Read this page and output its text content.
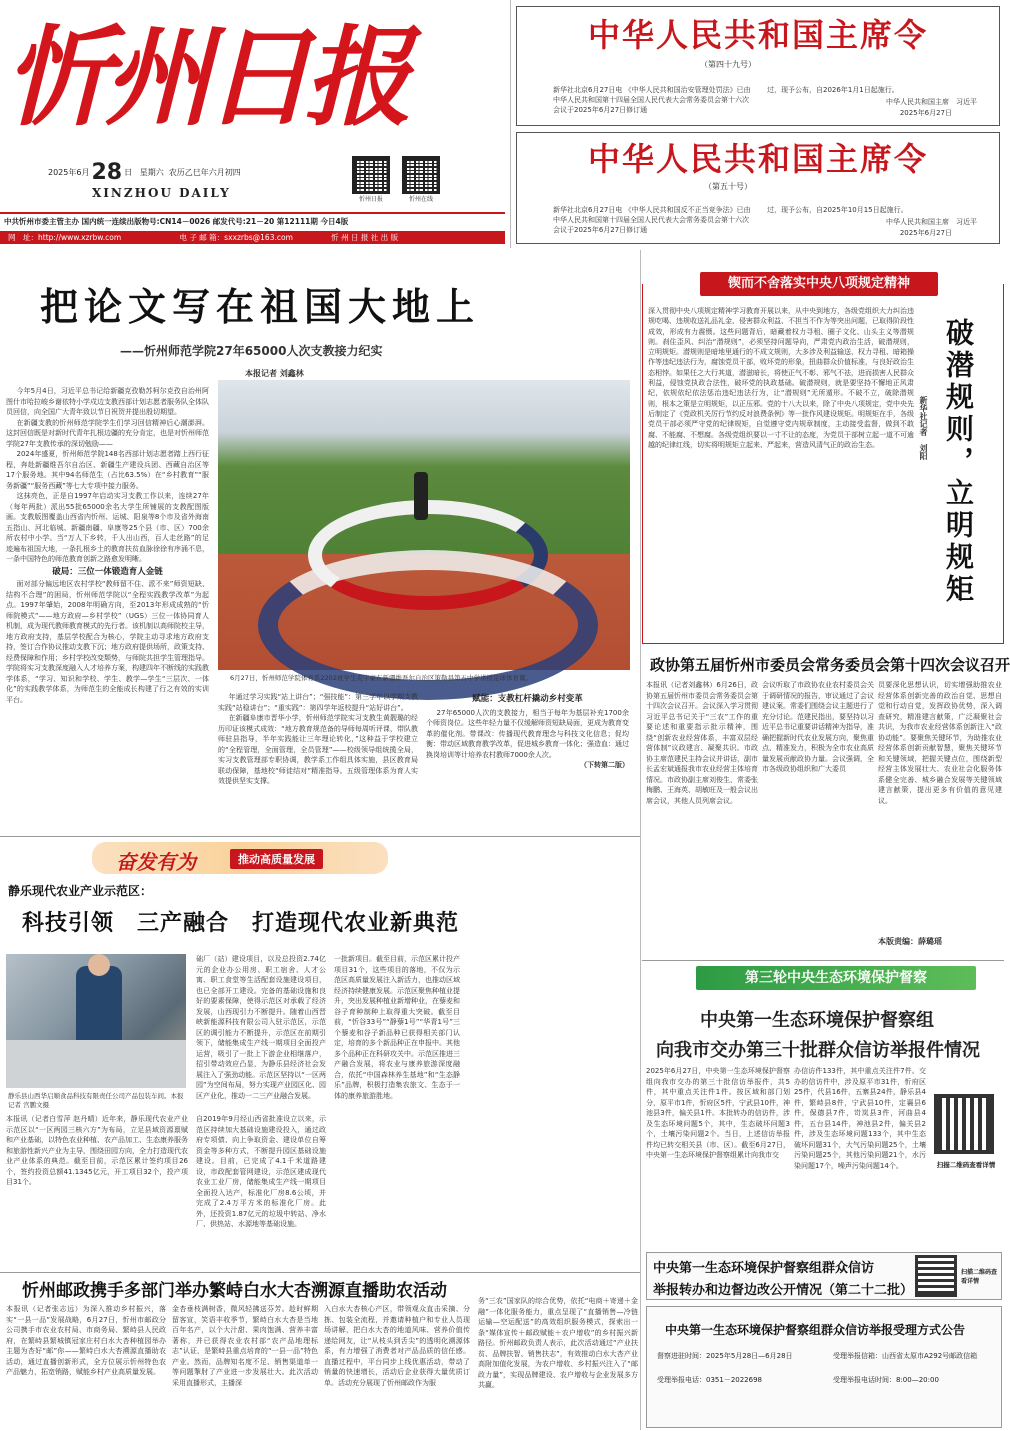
忻州日报
2025年6月28 日 星期六 农历乙巳年六月初四
XINZHOU DAILY	忻州日报	忻州在线
中共忻州市委主管主办 国内统一连续出版物号:CN14－0026 邮发代号:21－20 第12111期 今日4版
网　址：http://www.xzrbw.com	电 子 邮 箱：sxxzrbs@163.com	忻 州 日 报 社 出 版
中华人民共和国主席令
（第四十九号）
新华社北京6月27日电 《中华人民共和国治安管理处罚法》已由中华人民共和国第十四届全国人民代表大会常务委员会第十六次会议于2025年6月27日修订通
过，现予公布，自2026年1月1日起施行。
中华人民共和国主席　习近平
2025年6月27日
中华人民共和国主席令
（第五十号）
新华社北京6月27日电 《中华人民共和国反不正当竞争法》已由中华人民共和国第十四届全国人民代表大会常务委员会第十六次会议于2025年6月27日修订通
过，现予公布，自2025年10月15日起施行。
中华人民共和国主席　习近平
2025年6月27日
把论文写在祖国大地上
——忻州师范学院27年65000人次支教接力纪实
本报记者 刘鑫林

今年5月4日，习近平总书记给新疆克孜勒苏柯尔克孜自治州阿图什市哈拉峻乡谢依特小学戍边支教西部计划志愿者服务队全体队员回信，向全国广大青年致以节日祝贺并提出殷切期望。

在新疆支教的忻州师范学院学生们学习回信精神后心潮澎湃。这封回信既是对新时代青年扎根边疆的充分肯定，也是对忻州师范学院27年支教传承的深切勉励——

2024年盛夏，忻州师范学院148名西部计划志愿者踏上西行征程，奔赴新疆维吾尔自治区、新疆生产建设兵团、西藏自治区等17个服务地。其中94名师范生（占比63.5%）在“乡村教育”“服务新疆”“服务西藏”等七大专项中接力服务。

这抹亮色，正是自1997年启动实习支教工作以来，连续27年（每年两批）派出55批65000余名大学生所铺展的支教配图版画。支教版图覆盖山西省内忻州、运城、阳泉等8个市及省外海南五指山、河北临城、新疆南疆、阜康等25个县（市、区）700余所农村中小学。当“万人下乡转，千人出山西，百人走丝路”的足迹遍布祖国大地，一条扎根乡土的教育扶贫血脉徐徐有序涌不息，一条中国特色的师范教育创新之路愈发明晰。

破局：三位一体锻造育人金链

面对部分偏远地区农村学校“教师留不住、派不来”师资短缺、结构不合理”的困局，忻州师范学院以“全程实践教学改革”为起点。1997年肇始，2008年明确方向，至2013年形成成熟的“忻师院模式”——地方政府—乡村学校”（UGS）三位一体协同育人机制，成为现代教师教育模式的先行者。该机制以高师院校主导，地方政府支持，基层学校配合为核心，学院主动寻求地方政府支持，签订合作协议推动支教下沉；地方政府提供场所，政策支持、经费保障和作用；乡村学校改变颓势，与师院共担学生管理指导。学院将实习支教深度融入人才培养方案，构建四年不断线的实践教学体系，“学习、知识和学校、学生、教学—学生“三层次、一体化”的实践教学体系，为师范生的全能成长构建了行之有效的实训平台。

6月27日，忻州师范学院体育系2202班学生麦宇豪在新疆维吾尔自治区策勒县第五中学讲授足球体育课。

年通过学习实践“站上讲台”；“强技能”：第三学年以学期支教实践“站稳讲台”；“重实践”：第四学年返校提升“站好讲台”。

在新疆阜康市晋华小学，忻州师范学院实习支教生黄靓璐的经历印证该模式成效：“地方教育规范备的导师每周听评课，带队教师驻县指导，半年实践能让三年理论转化，”这种益于学校建立的“全程管理，全面管理，全员管理”——校级领导组统揽全局，实习支教管理部专职协调，教学系工作组具体实施，县区教育局联动保障，基地校“师徒结对”精准指导。五级管理体系为育人实效提供坚实支撑。

赋能：支教杠杆撬动乡村变革

27年65000人次的支教接力，相当于每年为基层补充1700余个师资岗位。这些年轻力量不仅缓解师资短缺局面，更成为教育变革的催化剂。带课改：传播现代教育理念与科技文化信息；促均衡：带动区域教育教学改革，促进城乡教育一体化；强造血：通过换岗培训等计培养农村教师7000余人次。

（下转第二版）

锲而不舍落实中央八项规定精神
深入贯彻中央八项规定精神学习教育开展以来，从中央到地方，各级党组织大力纠治违规吃喝、违规收送礼品礼金、侵害群众利益、不担当不作为等突出问题，已取得阶段性成效，形成有力震慑。这些问题背后，暗藏着权力寻租、圈子文化、山头主义等潜规则。刹住歪风、纠治“潜规则”，必须坚持问题导向，严肃党内政治生活，破潜规则，立明规矩。潜规则是暗地里通行的不成文规则，大多涉及利益输送、权力寻租、暗箱操作等违纪违法行为，腐蚀党员干部，败坏党的形象，扭曲群众价值标准，与良好政治生态相悖。如果任之大行其道，潜滋暗长，将使正气不彰、邪气不祛，进而损害人民群众利益，侵蚀党执政合法性，破坏党的执政基础。破潜规则，就是要坚持不懈地正风肃纪，依规依纪依法惩治违纪违法行为，让“潜规则”无所遁形。不破不立，破除潜规则，根本之策是立明规矩，以正压邪。党的十八大以来，除了中央八项规定，党中央先后制定了《党政机关厉行节约反对浪费条例》等一批作风建设规矩。明规矩在手，各级党员干部必须严守党的纪律规矩，自觉遵守党内规章制度，主动接受监督，做到不敢腐、不能腐、不想腐。各级党组织要以一寸不让的态度，为党员干部树立起一道不可逾越的纪律红线，切实将明规矩立起来、严起来，营造风清气正的政治生态。	破潜规则，立明规矩
新华社记者　刘阳
政协第五届忻州市委员会常务委员会第十四次会议召开
本报讯（记者刘鑫林）6月26日，政协第五届忻州市委员会常务委员会第十四次会议召开。会议深入学习贯彻习近平总书记关于“三农”工作的重要论述和重要指示批示精神，围绕“创新农业经营体系，丰富双层经营体制”议政建言、凝聚共识。市政协主席范建民主持会议并讲话，副市长孟宏斌通报我市农业经营主体培育情况。市政协副主席刘俊生、常委张梅鹏、王海英、胡敏旺及一般会议出席会议，其他人员列席会议。
会议听取了市政协农业农村委员会关于调研情况的报告，审议通过了会议建议案。常委们围绕会议主题进行了充分讨论。范建民指出，要坚持以习近平总书记重要讲话精神为指导，准确把握新时代农业发展方向，聚焦重点、精准发力，积极为全市农业高质量发展贡献政协力量。会议强调，全市各级政协组织和广大委员
员要深化思想认识，切实增强助推农业经营体系创新完善的政治自觉、思想自觉和行动自觉，发挥政协优势，深入调查研究，精准建言献策，广泛凝聚社会共识，为我市农业经营体系创新注入“政协动能”。要聚焦关键环节，为助推农业经营体系创新贡献智慧，聚焦关键环节和关键领域，把握关键点位，围绕新型经营主体发展壮大、农业社会化服务体系健全完善、城乡融合发展等关键领域建言献策，提出更多有价值的意见建议。
本版责编：薛璐瑶
奋发有为	推动高质量发展
静乐现代农业产业示范区：
科技引领　三产融合　打造现代农业新典范
静乐县山西华启顺食品科技有限责任公司产品包装车间。本报记者 宫鹏文摄
本报讯（记者白雪萍 赵丹晴）近年来，静乐现代农业产业示范区以“一区两园三核六方”为布局，立足县域资源禀赋和产业基础，以特色农业种植、农产品加工、生态康养服务和旅游性新兴产业为主导，围绕田园方向，全力打造现代农业产业体系的典范。截至目前，示范区累计签约项目26个，签约投资总额41.1345亿元，开工项目32个，投产项目31个。
自2019年9月经山西省批准设立以来，示范区持续加大基础设施建设投入，通过政府专项债、向上争取资金、建设单位自筹资金等多种方式，不断提升园区基础设施建设。目前，已完成了4.1千米道路建设，市政配套管网建设，示范区建成现代农业工业厂房，储能集成生产线一期项目全面投入达产，标准化厂房8.6公顷，并完成了2.4万平方米的标准化厂房。此外，还投资1.87亿元的垃圾中转站、净水厂、供热站、水源地等基础设施。
础厂（站）建设项目，以及总投资2.74亿元的企业办公用房、职工宿舍、人才公寓、职工食堂等生活配套设施建设项目，也已全部开工建设。完备的基础设施和良好的要素保障，使得示范区对承载了经济发展，山西现引力不断提升。随着山西晋峡新能源科技有限公司入驻示范区，示范区的调引能力不断提升，示范区在前期引领下，储能集成生产线一期项目全面投产运营，吸引了一批上下游企业相继落户，招引带动效应凸显，为静乐县经济社会发展注入了强劲动能。示范区坚持以“一区两园”为空间布局，努力实现产业园区化、园区产业化，推动一二三产业融合发展。
一批新项目。截至目前，示范区累计投产项目31个，这些项目的落地，不仅为示范区高质量发展注入新活力，也推动区域经济持续健康发展。示范区聚焦种植业提升，突出发展种植业新增种业，在藜麦和谷子育种制种上取得重大突破。截至目前，“忻谷33号”“静藜1号”“华青1号”三个藜麦和谷子新品种已获得相关部门认定，培育的多个新品种正在申报中。其他多个品种正在科研攻关中。示范区推进三产融合发展，将农业与康养旅游深度融合，依托“中国森林养生基地”和“生态静乐”品牌，积极打造集农旅文、生态于一体的康养旅游胜地。
忻州邮政携手多部门举办繁峙白水大杏溯源直播助农活动
本报讯（记者张志远）为深入推动乡村振兴，落实“一县一品”发展战略，6月27日，忻州市邮政分公司携手市农业农村局、市商务局、繁峙县人民政府，在繁峙县繁城镇冠家庄村白水大杏种植园举办主题为杏好“邮”你——繁峙白水大杏溯源直播助农活动，通过直播创新形式，全方位展示忻州特色农产品魅力，拓宽销路，赋能乡村产业高质量发展。
金杏垂枝满树香，微风轻拂送芬芳。趁时鲜期留客宣，笑语丰收季节，繁峙白水大杏是当地百年名产，以个大汁甜、果肉饱满、营养丰富著称，并已获得农业农村部“农产品地理标志”认证，是繁峙县重点培育的“一县一品”特色产业。然而，品牌知名度不足、销售渠道单一等问题掣肘了产业进一步发展壮大。此次活动采用直播形式，主播深
入白水大杏核心产区，带领观众直击采摘、分拣、包装全流程，并邀请种植户和专业人员现场讲解，把白水大杏的地道风味、营养价值传递给网友，让“从枝头到舌尖”的透明化溯源体系，有力增强了消费者对产品品质的信任感。直播过程中，平台同步上线优惠活动，带动了销量的快速增长，活动后企业获得大量优质订单。活动充分展现了忻州邮政作为服
务“三农”国家队的综合优势，依托“电商＋寄递＋金融”一体化服务能力，重点呈现了“直播销售—冷链运输—空运配送”的高效组织服务模式，探索出一条“媒体宣传＋邮政赋能＋农户增收”的乡村振兴新路径。忻州邮政负责人表示，此次活动通过“产业扶贫、品牌扶智、销售扶志”，有效推动白水大杏产业高附加值化发展，为农户增收、乡村振兴注入了“邮政力量”，实现品牌建设、农户增收与企业发展多方共赢。
第三轮中央生态环境保护督察
中央第一生态环境保护督察组
向我市交办第三十批群众信访举报件情况
2025年6月27日，中央第一生态环境保护督察组向我市交办的第三十批信访举报件，共5件，其中重点关注件1件。按区域和部门划分，原平市1件，忻府区5件，宁武县10件，神池县3件，偏关县1件。本批转办的信访件，涉及生态环境问题5个，其中，生态破坏问题3个，土壤污染问题2个。当日，上述信访举报件均已转交相关县（市、区）。截至6月27日，中央第一生态环境保护督察组累计向我市交
办信访件133件，其中重点关注件7件。交办的信访件中，涉及原平市31件，忻府区25件，代县16件，五寨县24件，静乐县4件，繁峙县8件，宁武县10件，定襄县6件，保德县7件，岢岚县3件，河曲县4件，五台县14件，神池县2件，偏关县2件，涉及生态环境问题133个，其中生态破坏问题31个，大气污染问题25个，土壤污染问题25个，其他污染问题21个，水污染问题17个，噪声污染问题14个。	扫描二维码查看详情
中央第一生态环境保护督察组群众信访
举报转办和边督边改公开情况（第二十二批）
扫描二维码查看详情
中央第一生态环境保护督察组群众信访举报受理方式公告
督察进驻时间：2025年5月28日—6月28日
受理举报电话：0351－2022698
受理举报信箱：山西省太原市A292号邮政信箱
受理举报电话时间：8:00—20:00
